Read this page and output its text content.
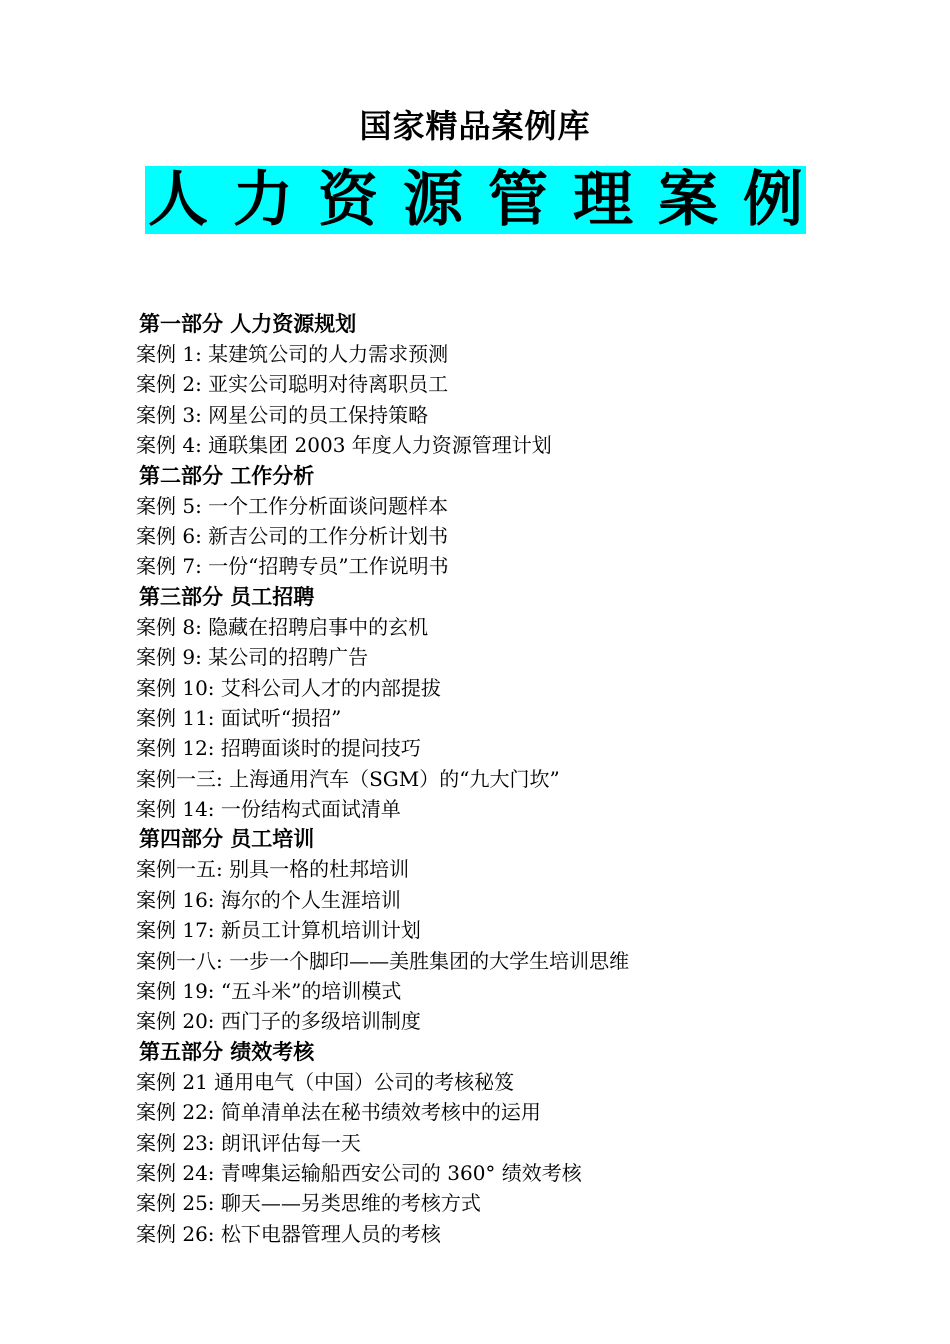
国家精品案例库
人 力 资 源 管 理 案 例
第一部分 人力资源规划
案例 1: 某建筑公司的人力需求预测
案例 2: 亚实公司聪明对待离职员工
案例 3: 网星公司的员工保持策略
案例 4: 通联集团 2003 年度人力资源管理计划
第二部分 工作分析
案例 5: 一个工作分析面谈问题样本
案例 6: 新吉公司的工作分析计划书
案例 7: 一份“招聘专员”工作说明书
第三部分 员工招聘
案例 8: 隐藏在招聘启事中的玄机
案例 9: 某公司的招聘广告
案例 10: 艾科公司人才的内部提拔
案例 11: 面试听“损招”
案例 12: 招聘面谈时的提问技巧
案例一三: 上海通用汽车（SGM）的“九大门坎”
案例 14: 一份结构式面试清单
第四部分 员工培训
案例一五: 别具一格的杜邦培训
案例 16: 海尔的个人生涯培训
案例 17: 新员工计算机培训计划
案例一八: 一步一个脚印——美胜集团的大学生培训思维
案例 19: “五斗米”的培训模式
案例 20: 西门子的多级培训制度
第五部分 绩效考核
案例 21 通用电气（中国）公司的考核秘笈
案例 22: 简单清单法在秘书绩效考核中的运用
案例 23: 朗讯评估每一天
案例 24: 青啤集运输船西安公司的 360° 绩效考核
案例 25: 聊天——另类思维的考核方式
案例 26: 松下电器管理人员的考核
